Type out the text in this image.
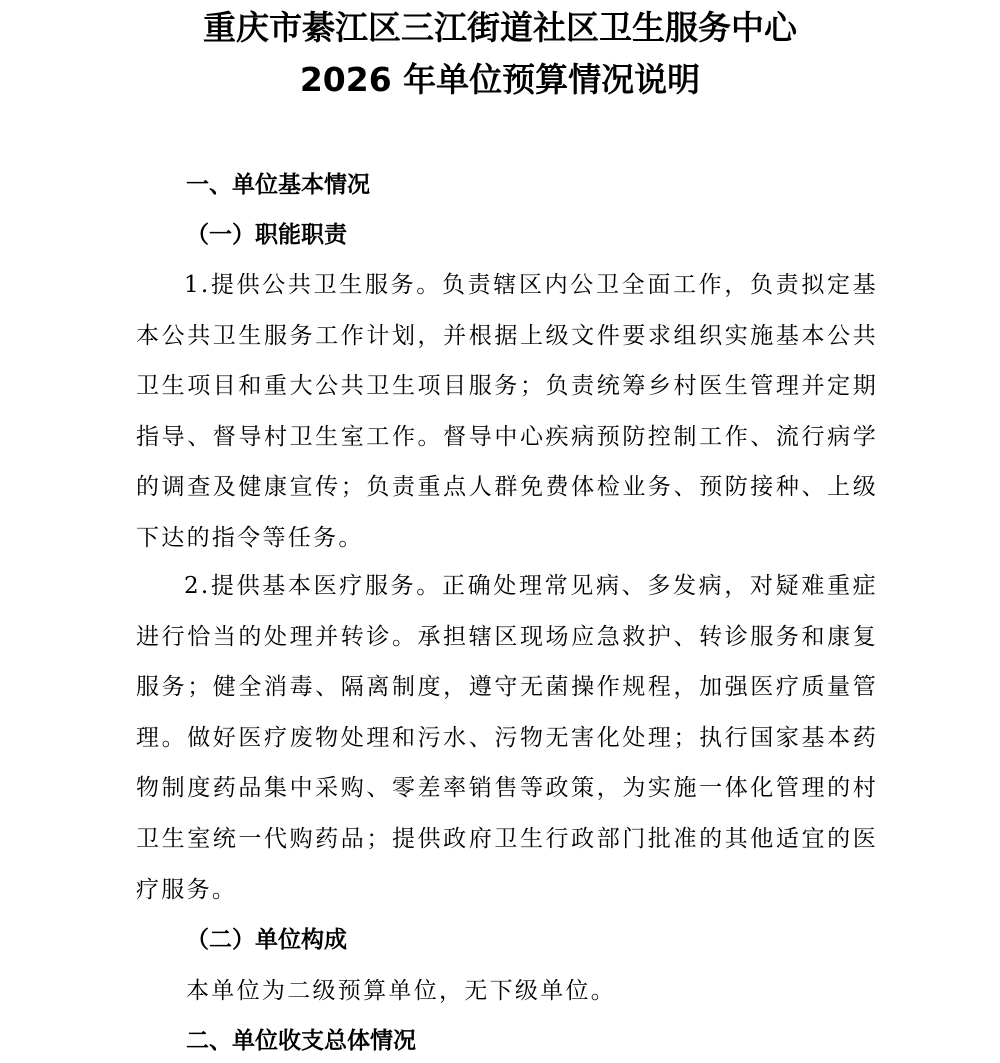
重庆市綦江区三江街道社区卫生服务中心
2026 年单位预算情况说明
一、单位基本情况
（一）职能职责

1.提供公共卫生服务。负责辖区内公卫全面工作，负责拟定基本公共卫生服务工作计划，并根据上级文件要求组织实施基本公共卫生项目和重大公共卫生项目服务；负责统筹乡村医生管理并定期指导、督导村卫生室工作。督导中心疾病预防控制工作、流行病学的调查及健康宣传；负责重点人群免费体检业务、预防接种、上级下达的指令等任务。

2.提供基本医疗服务。正确处理常见病、多发病，对疑难重症进行恰当的处理并转诊。承担辖区现场应急救护、转诊服务和康复服务；健全消毒、隔离制度，遵守无菌操作规程，加强医疗质量管理。做好医疗废物处理和污水、污物无害化处理；执行国家基本药物制度药品集中采购、零差率销售等政策，为实施一体化管理的村卫生室统一代购药品；提供政府卫生行政部门批准的其他适宜的医疗服务。

（二）单位构成

本单位为二级预算单位，无下级单位。

二、单位收支总体情况
